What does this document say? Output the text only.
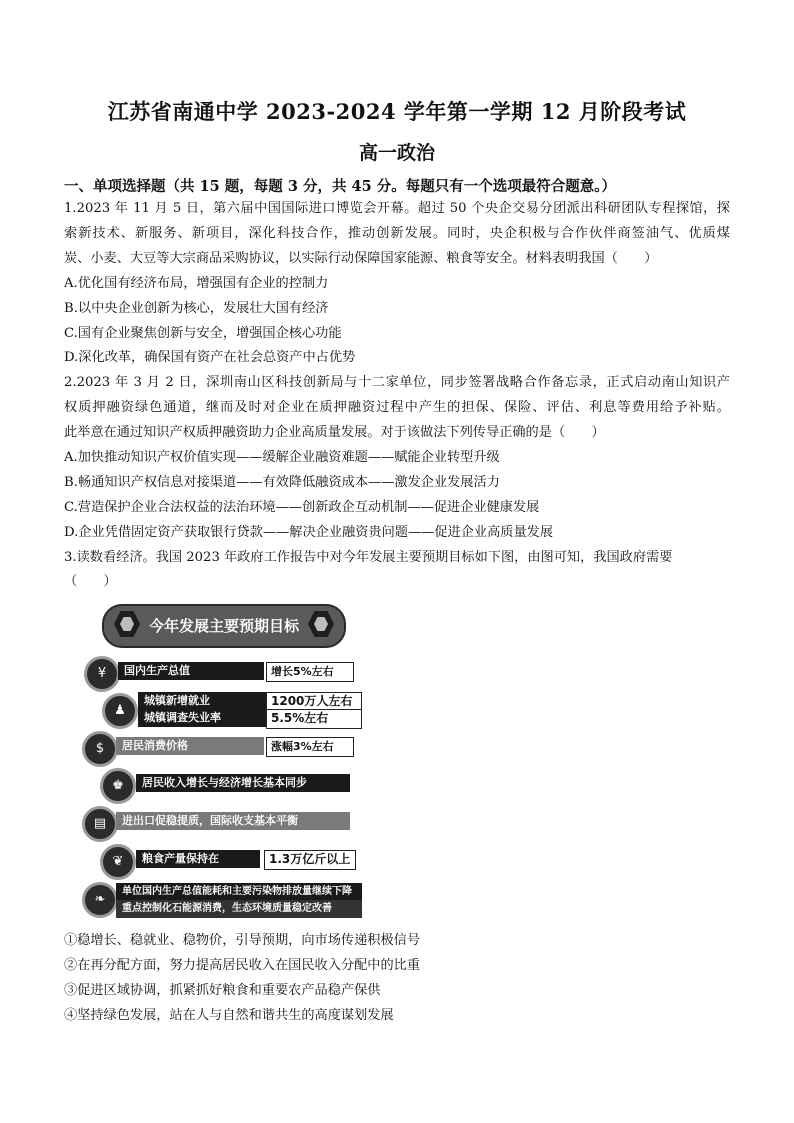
江苏省南通中学 2023-2024 学年第一学期 12 月阶段考试
高一政治
一、单项选择题（共 15 题，每题 3 分，共 45 分。每题只有一个选项最符合题意。）
1.2023 年 11 月 5 日，第六届中国国际进口博览会开幕。超过 50 个央企交易分团派出科研团队专程探馆，探
索新技术、新服务、新项目，深化科技合作，推动创新发展。同时，央企积极与合作伙伴商签油气、优质煤
炭、小麦、大豆等大宗商品采购协议，以实际行动保障国家能源、粮食等安全。材料表明我国（　　）
A.优化国有经济布局，增强国有企业的控制力
B.以中央企业创新为核心，发展壮大国有经济
C.国有企业聚焦创新与安全，增强国企核心功能
D.深化改革，确保国有资产在社会总资产中占优势
2.2023 年 3 月 2 日，深圳南山区科技创新局与十二家单位，同步签署战略合作备忘录，正式启动南山知识产
权质押融资绿色通道，继而及时对企业在质押融资过程中产生的担保、保险、评估、利息等费用给予补贴。
此举意在通过知识产权质押融资助力企业高质量发展。对于该做法下列传导正确的是（　　）
A.加快推动知识产权价值实现——缓解企业融资难题——赋能企业转型升级
B.畅通知识产权信息对接渠道——有效降低融资成本——激发企业发展活力
C.营造保护企业合法权益的法治环境——创新政企互动机制——促进企业健康发展
D.企业凭借固定资产获取银行贷款——解决企业融资贵问题——促进企业高质量发展
3.读数看经济。我国 2023 年政府工作报告中对今年发展主要预期目标如下图，由图可知，我国政府需要
（　　）
今年发展主要预期目标
¥	国内生产总值	增长5%左右
♟
城镇新增就业	1200万人左右
城镇调查失业率	5.5%左右
$	居民消费价格	涨幅3%左右
♚	居民收入增长与经济增长基本同步
▤	进出口促稳提质，国际收支基本平衡
❦	粮食产量保持在	1.3万亿斤以上
❧
单位国内生产总值能耗和主要污染物排放量继续下降
重点控制化石能源消费，生态环境质量稳定改善
①稳增长、稳就业、稳物价，引导预期，向市场传递积极信号
②在再分配方面，努力提高居民收入在国民收入分配中的比重
③促进区域协调，抓紧抓好粮食和重要农产品稳产保供
④坚持绿色发展，站在人与自然和谐共生的高度谋划发展
